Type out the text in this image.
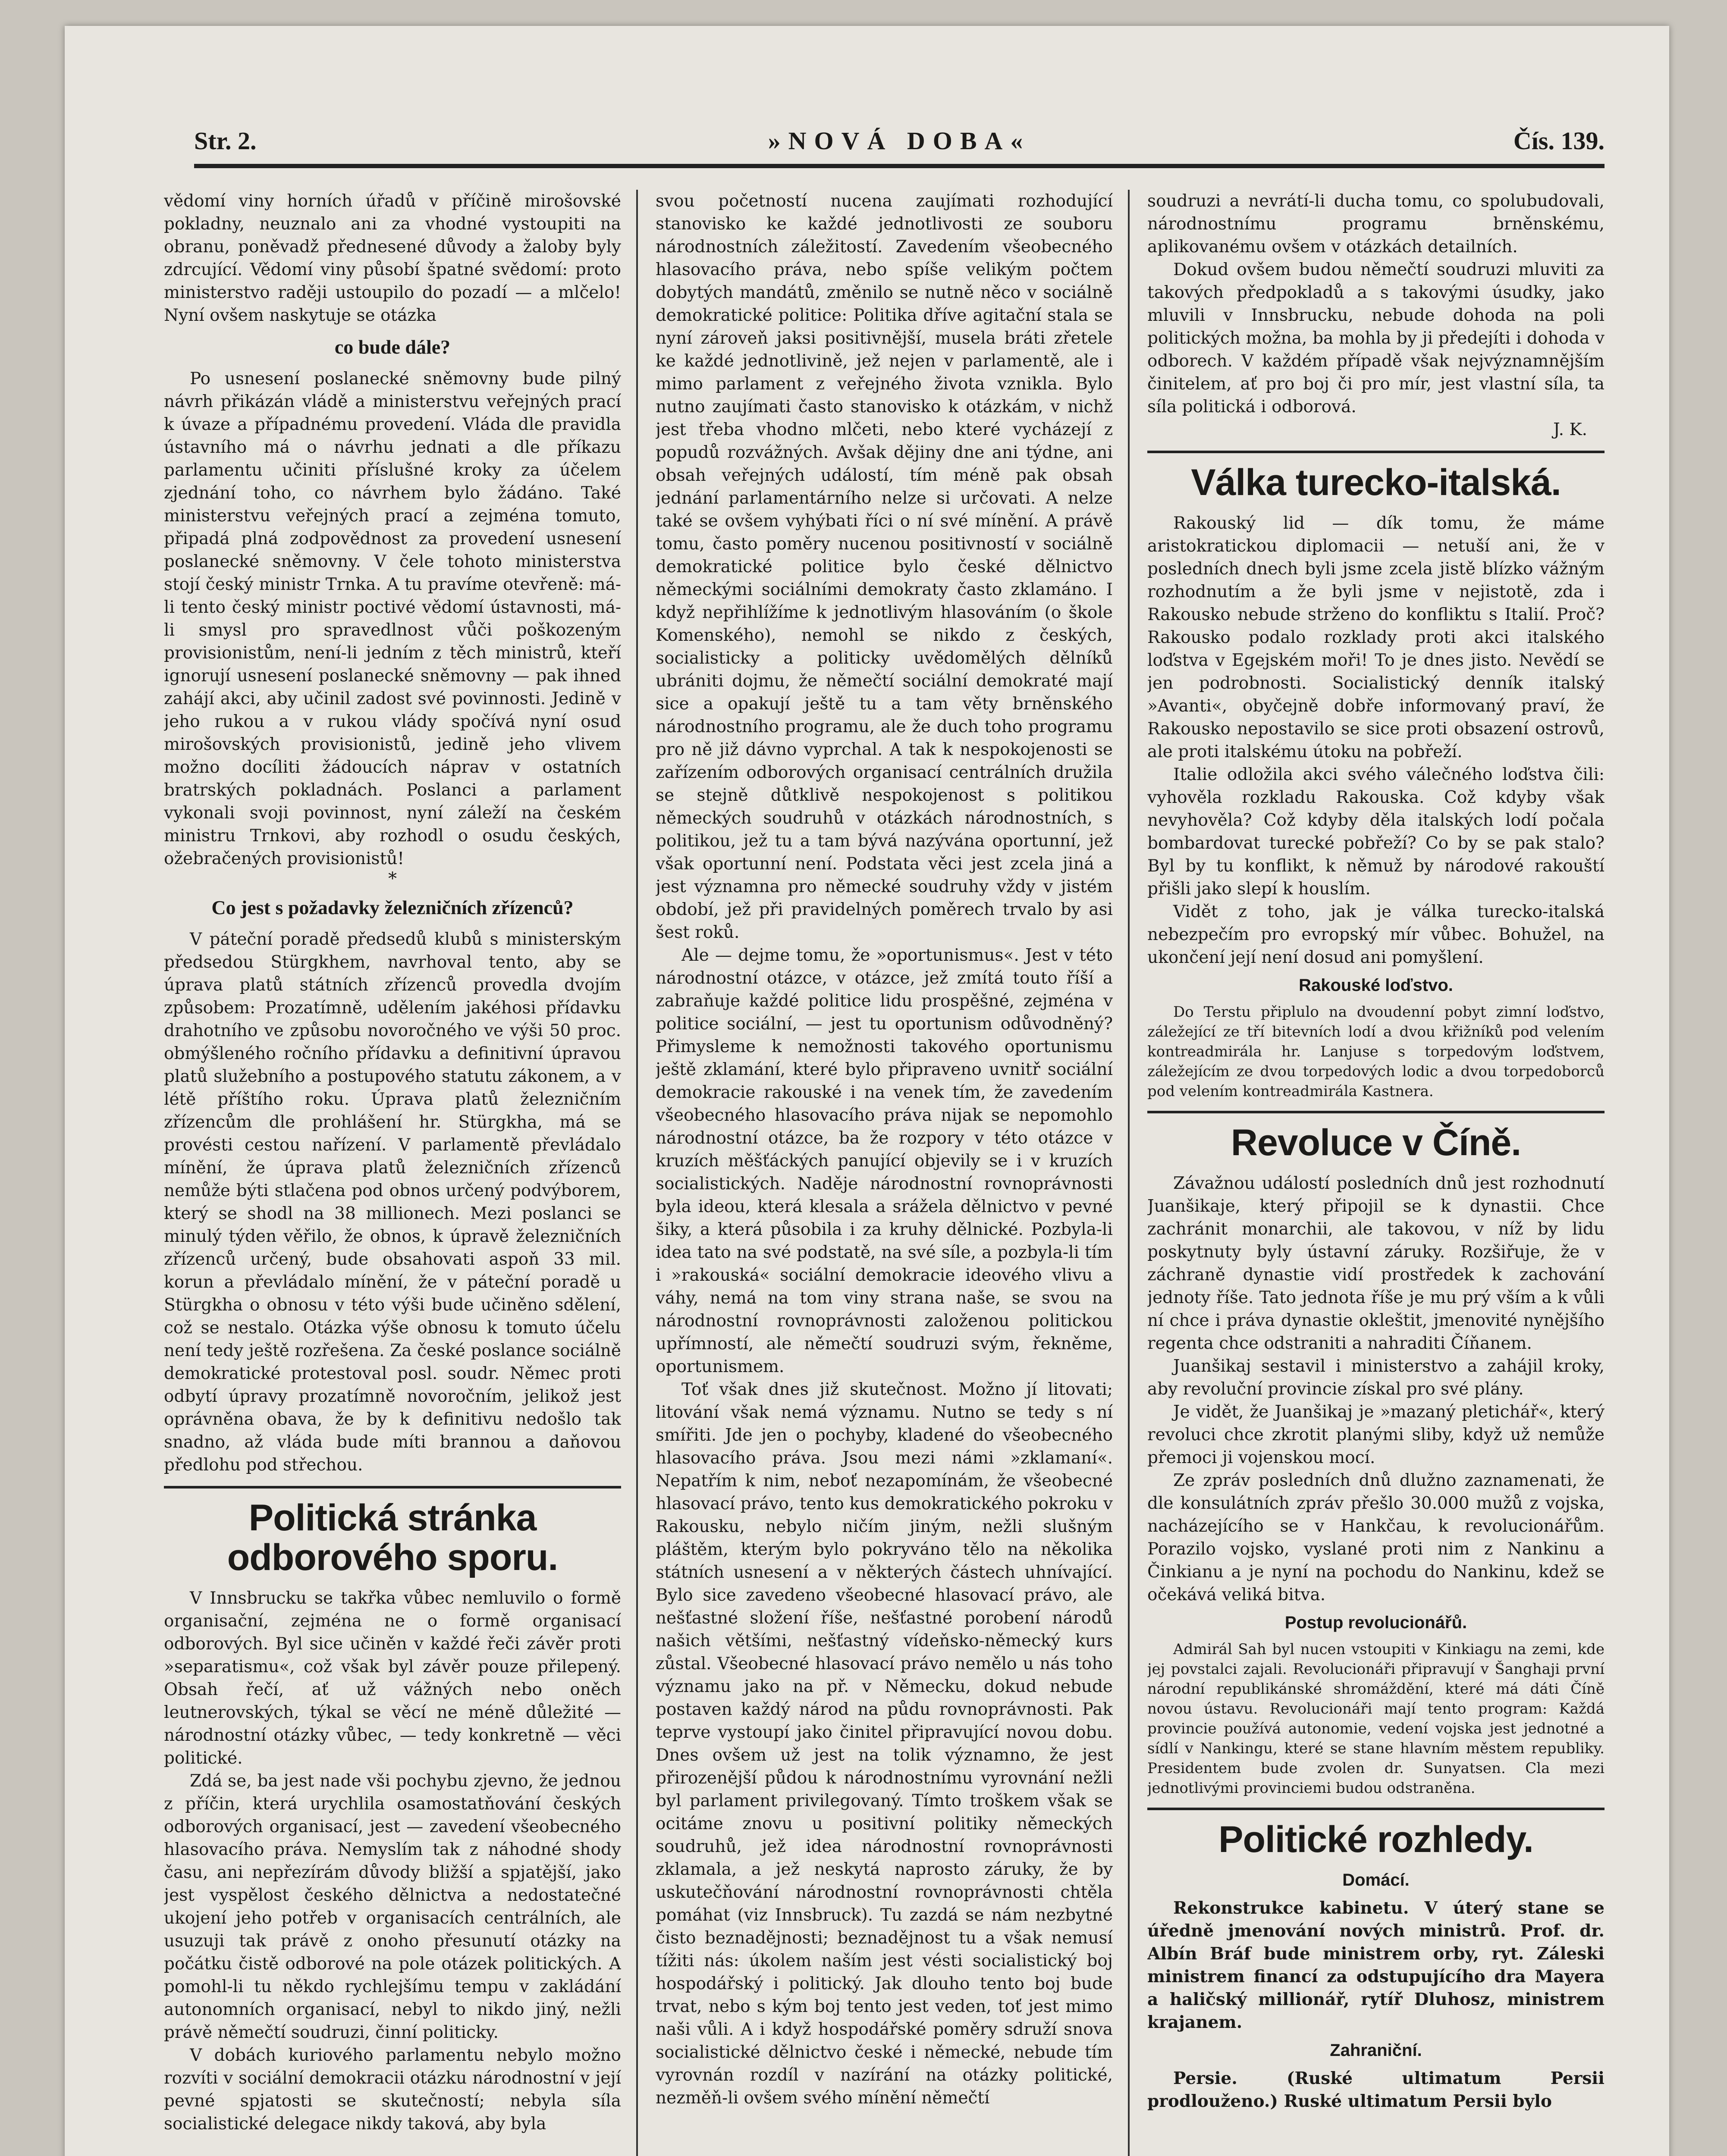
Str. 2.	»NOVÁ DOBA«	Čís. 139.

vědomí viny horních úřadů v příčině mirošovské pokladny, neuznalo ani za vhodné vystoupiti na obranu, poněvadž přednesené důvody a žaloby byly zdrcující. Vědomí viny působí špatné svědomí: proto ministerstvo raději ustoupilo do pozadí — a mlčelo! Nyní ovšem naskytuje se otázka

co bude dále?

Po usnesení poslanecké sněmovny bude pilný návrh přikázán vládě a ministerstvu veřejných prací k úvaze a případnému provedení. Vláda dle pravidla ústavního má o návrhu jednati a dle příkazu parlamentu učiniti příslušné kroky za účelem zjednání toho, co návrhem bylo žádáno. Také ministerstvu veřejných prací a zejména tomuto, připadá plná zodpovědnost za provedení usnesení poslanecké sněmovny. V čele tohoto ministerstva stojí český ministr Trnka. A tu pravíme otevřeně: má-li tento český ministr poctivé vědomí ústavnosti, má-li smysl pro spravedlnost vůči poškozeným provisionistům, není-li jedním z těch ministrů, kteří ignorují usnesení poslanecké sněmovny — pak ihned zahájí akci, aby učinil zadost své povinnosti. Jedině v jeho rukou a v rukou vlády spočívá nyní osud mirošovských provisionistů, jedině jeho vlivem možno docíliti žádoucích náprav v ostatních bratrských pokladnách. Poslanci a parlament vykonali svoji povinnost, nyní záleží na českém ministru Trnkovi, aby rozhodl o osudu českých, ožebračených provisionistů!

*
Co jest s požadavky železničních zřízenců?

V páteční poradě předsedů klubů s ministerským předsedou Stürgkhem, navrhoval tento, aby se úprava platů státních zřízenců provedla dvojím způsobem: Prozatímně, udělením jakéhosi přídavku drahotního ve způsobu novoročného ve výši 50 proc. obmýšleného ročního přídavku a definitivní úpravou platů služebního a postupového statutu zákonem, a v létě příštího roku. Úprava platů železničním zřízencům dle prohlášení hr. Stürgkha, má se provésti cestou nařízení. V parlamentě převládalo mínění, že úprava platů železničních zřízenců nemůže býti stlačena pod obnos určený podvýborem, který se shodl na 38 millionech. Mezi poslanci se minulý týden věřilo, že obnos, k úpravě železničních zřízenců určený, bude obsahovati aspoň 33 mil. korun a převládalo mínění, že v páteční poradě u Stürgkha o obnosu v této výši bude učiněno sdělení, což se nestalo. Otázka výše obnosu k tomuto účelu není tedy ještě rozřešena. Za české poslance sociálně demokratické protestoval posl. soudr. Němec proti odbytí úpravy prozatímně novoročním, jelikož jest oprávněna obava, že by k definitivu nedošlo tak snadno, až vláda bude míti brannou a daňovou předlohu pod střechou.

Politická stránka odborového sporu.

V Innsbrucku se takřka vůbec nemluvilo o formě organisační, zejména ne o formě organisací odborových. Byl sice učiněn v každé řeči závěr proti »separatismu«, což však byl závěr pouze přilepený. Obsah řečí, ať už vážných nebo oněch leutnerovských, týkal se věcí ne méně důležité — národnostní otázky vůbec, — tedy konkretně — věci politické.

Zdá se, ba jest nade vši pochybu zjevno, že jednou z příčin, která urychlila osamostatňování českých odborových organisací, jest — zavedení všeobecného hlasovacího práva. Nemyslím tak z náhodné shody času, ani nepřezírám důvody bližší a spjatější, jako jest vyspělost českého dělnictva a nedostatečné ukojení jeho potřeb v organisacích centrálních, ale usuzuji tak právě z onoho přesunutí otázky na počátku čistě odborové na pole otázek politických. A pomohl-li tu někdo rychlejšímu tempu v zakládání autonomních organisací, nebyl to nikdo jiný, nežli právě němečtí soudruzi, činní politicky.

V dobách kuriového parlamentu nebylo možno rozvíti v sociální demokracii otázku národnostní v její pevné spjatosti se skutečností; nebyla síla socialistické delegace nikdy taková, aby byla

svou početností nucena zaujímati rozhodující stanovisko ke každé jednotlivosti ze souboru národnostních záležitostí. Zavedením všeobecného hlasovacího práva, nebo spíše velikým počtem dobytých mandátů, změnilo se nutně něco v sociálně demokratické politice: Politika dříve agitační stala se nyní zároveň jaksi positivnější, musela bráti zřetele ke každé jednotlivině, jež nejen v parlamentě, ale i mimo parlament z veřejného života vznikla. Bylo nutno zaujímati často stanovisko k otázkám, v nichž jest třeba vhodno mlčeti, nebo které vycházejí z popudů rozvážných. Avšak dějiny dne ani týdne, ani obsah veřejných událostí, tím méně pak obsah jednání parlamentárního nelze si určovati. A nelze také se ovšem vyhýbati říci o ní své mínění. A právě tomu, často poměry nucenou positivností v sociálně demokratické politice bylo české dělnictvo německými sociálními demokraty často zklamáno. I když nepřihlížíme k jednotlivým hlasováním (o škole Komenského), nemohl se nikdo z českých, socialisticky a politicky uvědomělých dělníků ubrániti dojmu, že němečtí sociální demokraté mají sice a opakují ještě tu a tam věty brněnského národnostního programu, ale že duch toho programu pro ně již dávno vyprchal. A tak k nespokojenosti se zařízením odborových organisací centrálních družila se stejně důtklivě nespokojenost s politikou německých soudruhů v otázkách národnostních, s politikou, jež tu a tam bývá nazývána oportunní, jež však oportunní není. Podstata věci jest zcela jiná a jest významna pro německé soudruhy vždy v jistém období, jež při pravidelných poměrech trvalo by asi šest roků.

Ale — dejme tomu, že »oportunismus«. Jest v této národnostní otázce, v otázce, jež zmítá touto říší a zabraňuje každé politice lidu prospěšné, zejména v politice sociální, — jest tu oportunism odůvodněný? Přimysleme k nemožnosti takového oportunismu ještě zklamání, které bylo připraveno uvnitř sociální demokracie rakouské i na venek tím, že zavedením všeobecného hlasovacího práva nijak se nepomohlo národnostní otázce, ba že rozpory v této otázce v kruzích měšťáckých panující objevily se i v kruzích socialistických. Naděje národnostní rovnoprávnosti byla ideou, která klesala a srážela dělnictvo v pevné šiky, a která působila i za kruhy dělnické. Pozbyla-li idea tato na své podstatě, na své síle, a pozbyla-li tím i »rakouská« sociální demokracie ideového vlivu a váhy, nemá na tom viny strana naše, se svou na národnostní rovnoprávnosti založenou politickou upřímností, ale němečtí soudruzi svým, řekněme, oportunismem.

Toť však dnes již skutečnost. Možno jí litovati; litování však nemá významu. Nutno se tedy s ní smířiti. Jde jen o pochyby, kladené do všeobecného hlasovacího práva. Jsou mezi námi »zklamaní«. Nepatřím k nim, neboť nezapomínám, že všeobecné hlasovací právo, tento kus demokratického pokroku v Rakousku, nebylo ničím jiným, nežli slušným pláštěm, kterým bylo pokryváno tělo na několika státních usnesení a v některých částech uhnívající. Bylo sice zavedeno všeobecné hlasovací právo, ale nešťastné složení říše, nešťastné porobení národů našich většími, nešťastný vídeňsko-německý kurs zůstal. Všeobecné hlasovací právo nemělo u nás toho významu jako na př. v Německu, dokud nebude postaven každý národ na půdu rovnoprávnosti. Pak teprve vystoupí jako činitel připravující novou dobu. Dnes ovšem už jest na tolik významno, že jest přirozenější půdou k národnostnímu vyrovnání nežli byl parlament privilegovaný. Tímto troškem však se ocitáme znovu u positivní politiky německých soudruhů, jež idea národnostní rovnoprávnosti zklamala, a jež neskytá naprosto záruky, že by uskutečňování národnostní rovnoprávnosti chtěla pomáhat (viz Innsbruck). Tu zazdá se nám nezbytné čisto beznadějnosti; beznadějnost tu a však nemusí tížiti nás: úkolem naším jest vésti socialistický boj hospodářský i politický. Jak dlouho tento boj bude trvat, nebo s kým boj tento jest veden, toť jest mimo naši vůli. A i když hospodářské poměry sdruží snova socialistické dělnictvo české i německé, nebude tím vyrovnán rozdíl v nazírání na otázky politické, nezměň-li ovšem svého mínění němečtí

soudruzi a nevrátí-li ducha tomu, co spolubudovali, národnostnímu programu brněnskému, aplikovanému ovšem v otázkách detailních.

Dokud ovšem budou němečtí soudruzi mluviti za takových předpokladů a s takovými úsudky, jako mluvili v Innsbrucku, nebude dohoda na poli politických možna, ba mohla by ji předejíti i dohoda v odborech. V každém případě však nejvýznamnějším činitelem, ať pro boj či pro mír, jest vlastní síla, ta síla politická i odborová.

J. K.
Válka turecko-italská.

Rakouský lid — dík tomu, že máme aristokratickou diplomacii — netuší ani, že v posledních dnech byli jsme zcela jistě blízko vážným rozhodnutím a že byli jsme v nejistotě, zda i Rakousko nebude strženo do konfliktu s Italií. Proč? Rakousko podalo rozklady proti akci italského loďstva v Egejském moři! To je dnes jisto. Nevědí se jen podrobnosti. Socialistický denník italský »Avanti«, obyčejně dobře informovaný praví, že Rakousko nepostavilo se sice proti obsazení ostrovů, ale proti italskému útoku na pobřeží.

Italie odložila akci svého válečného loďstva čili: vyhověla rozkladu Rakouska. Což kdyby však nevyhověla? Což kdyby děla italských lodí počala bombardovat turecké pobřeží? Co by se pak stalo? Byl by tu konflikt, k němuž by národové rakouští přišli jako slepí k houslím.

Vidět z toho, jak je válka turecko-italská nebezpečím pro evropský mír vůbec. Bohužel, na ukončení její není dosud ani pomyšlení.

Rakouské loďstvo.

Do Terstu připlulo na dvoudenní pobyt zimní loďstvo, záležející ze tří bitevních lodí a dvou křižníků pod velením kontreadmirála hr. Lanjuse s torpedovým loďstvem, záležejícím ze dvou torpedových lodic a dvou torpedoborců pod velením kontreadmirála Kastnera.

Revoluce v Číně.

Závažnou událostí posledních dnů jest rozhodnutí Juanšikaje, který připojil se k dynastii. Chce zachránit monarchii, ale takovou, v níž by lidu poskytnuty byly ústavní záruky. Rozšiřuje, že v záchraně dynastie vidí prostředek k zachování jednoty říše. Tato jednota říše je mu prý vším a k vůli ní chce i práva dynastie okleštit, jmenovité nynějšího regenta chce odstraniti a nahraditi Číňanem.

Juanšikaj sestavil i ministerstvo a zahájil kroky, aby revoluční provincie získal pro své plány.

Je vidět, že Juanšikaj je »mazaný pletichář«, který revoluci chce zkrotit planými sliby, když už nemůže přemoci ji vojenskou mocí.

Ze zpráv posledních dnů dlužno zaznamenati, že dle konsulátních zpráv přešlo 30.000 mužů z vojska, nacházejícího se v Hankčau, k revolucionářům. Porazilo vojsko, vyslané proti nim z Nankinu a Činkianu a je nyní na pochodu do Nankinu, kdež se očekává veliká bitva.

Postup revolucionářů.

Admirál Sah byl nucen vstoupiti v Kinkiagu na zemi, kde jej povstalci zajali. Revolucionáři připravují v Šanghaji první národní republikánské shromáždění, které má dáti Číně novou ústavu. Revolucionáři mají tento program: Každá provincie používá autonomie, vedení vojska jest jednotné a sídlí v Nankingu, které se stane hlavním městem republiky. Presidentem bude zvolen dr. Sunyatsen. Cla mezi jednotlivými provinciemi budou odstraněna.

Politické rozhledy.
Domácí.

Rekonstrukce kabinetu. V úterý stane se úředně jmenování nových ministrů. Prof. dr. Albín Bráf bude ministrem orby, ryt. Záleski ministrem financí za odstupujícího dra Mayera a haličský millionář, rytíř Dluhosz, ministrem krajanem.

Zahraniční.

Persie. (Ruské ultimatum Persii prodlouženo.) Ruské ultimatum Persii bylo
